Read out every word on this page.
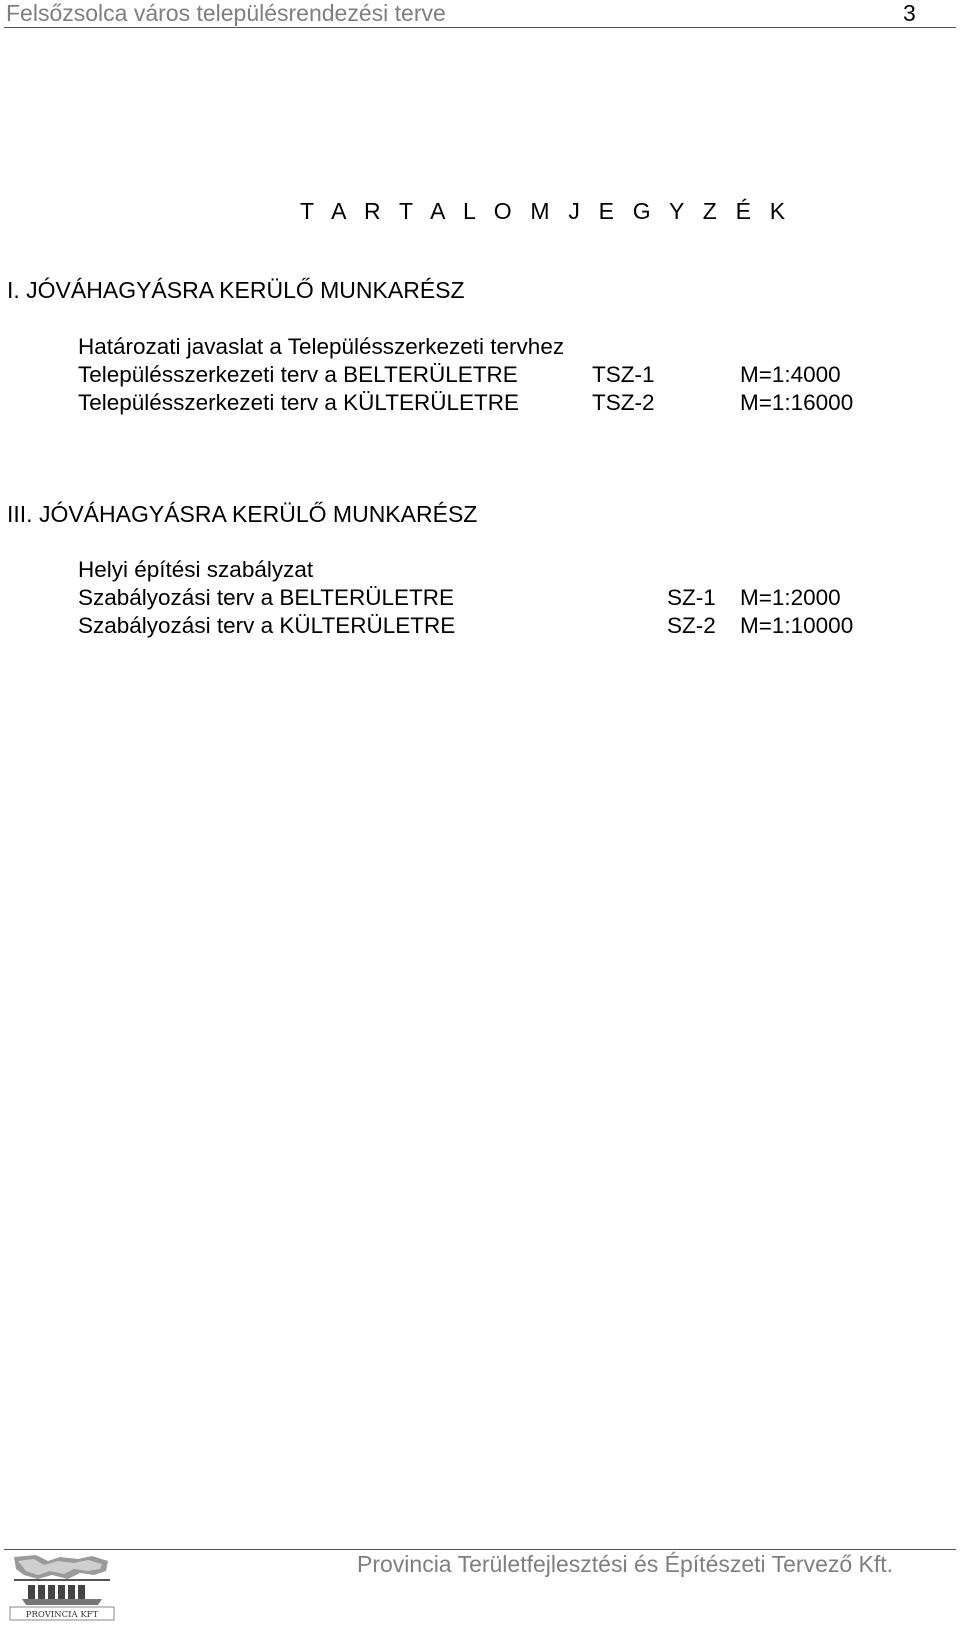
Felsőzsolca város településrendezési terve	3
T A R T A L O M J E G Y Z É K
I. JÓVÁHAGYÁSRA KERÜLŐ MUNKARÉSZ
Határozati javaslat a Településszerkezeti tervhez
Településszerkezeti terv a BELTERÜLETRE	TSZ-1	M=1:4000
Településszerkezeti terv a KÜLTERÜLETRE	TSZ-2	M=1:16000
III. JÓVÁHAGYÁSRA KERÜLŐ MUNKARÉSZ
Helyi építési szabályzat
Szabályozási terv a BELTERÜLETRE	SZ-1 M=1:2000
Szabályozási terv a KÜLTERÜLETRE	SZ-2 M=1:10000
PROVINCIA KFT
Provincia Területfejlesztési és Építészeti Tervező Kft.
